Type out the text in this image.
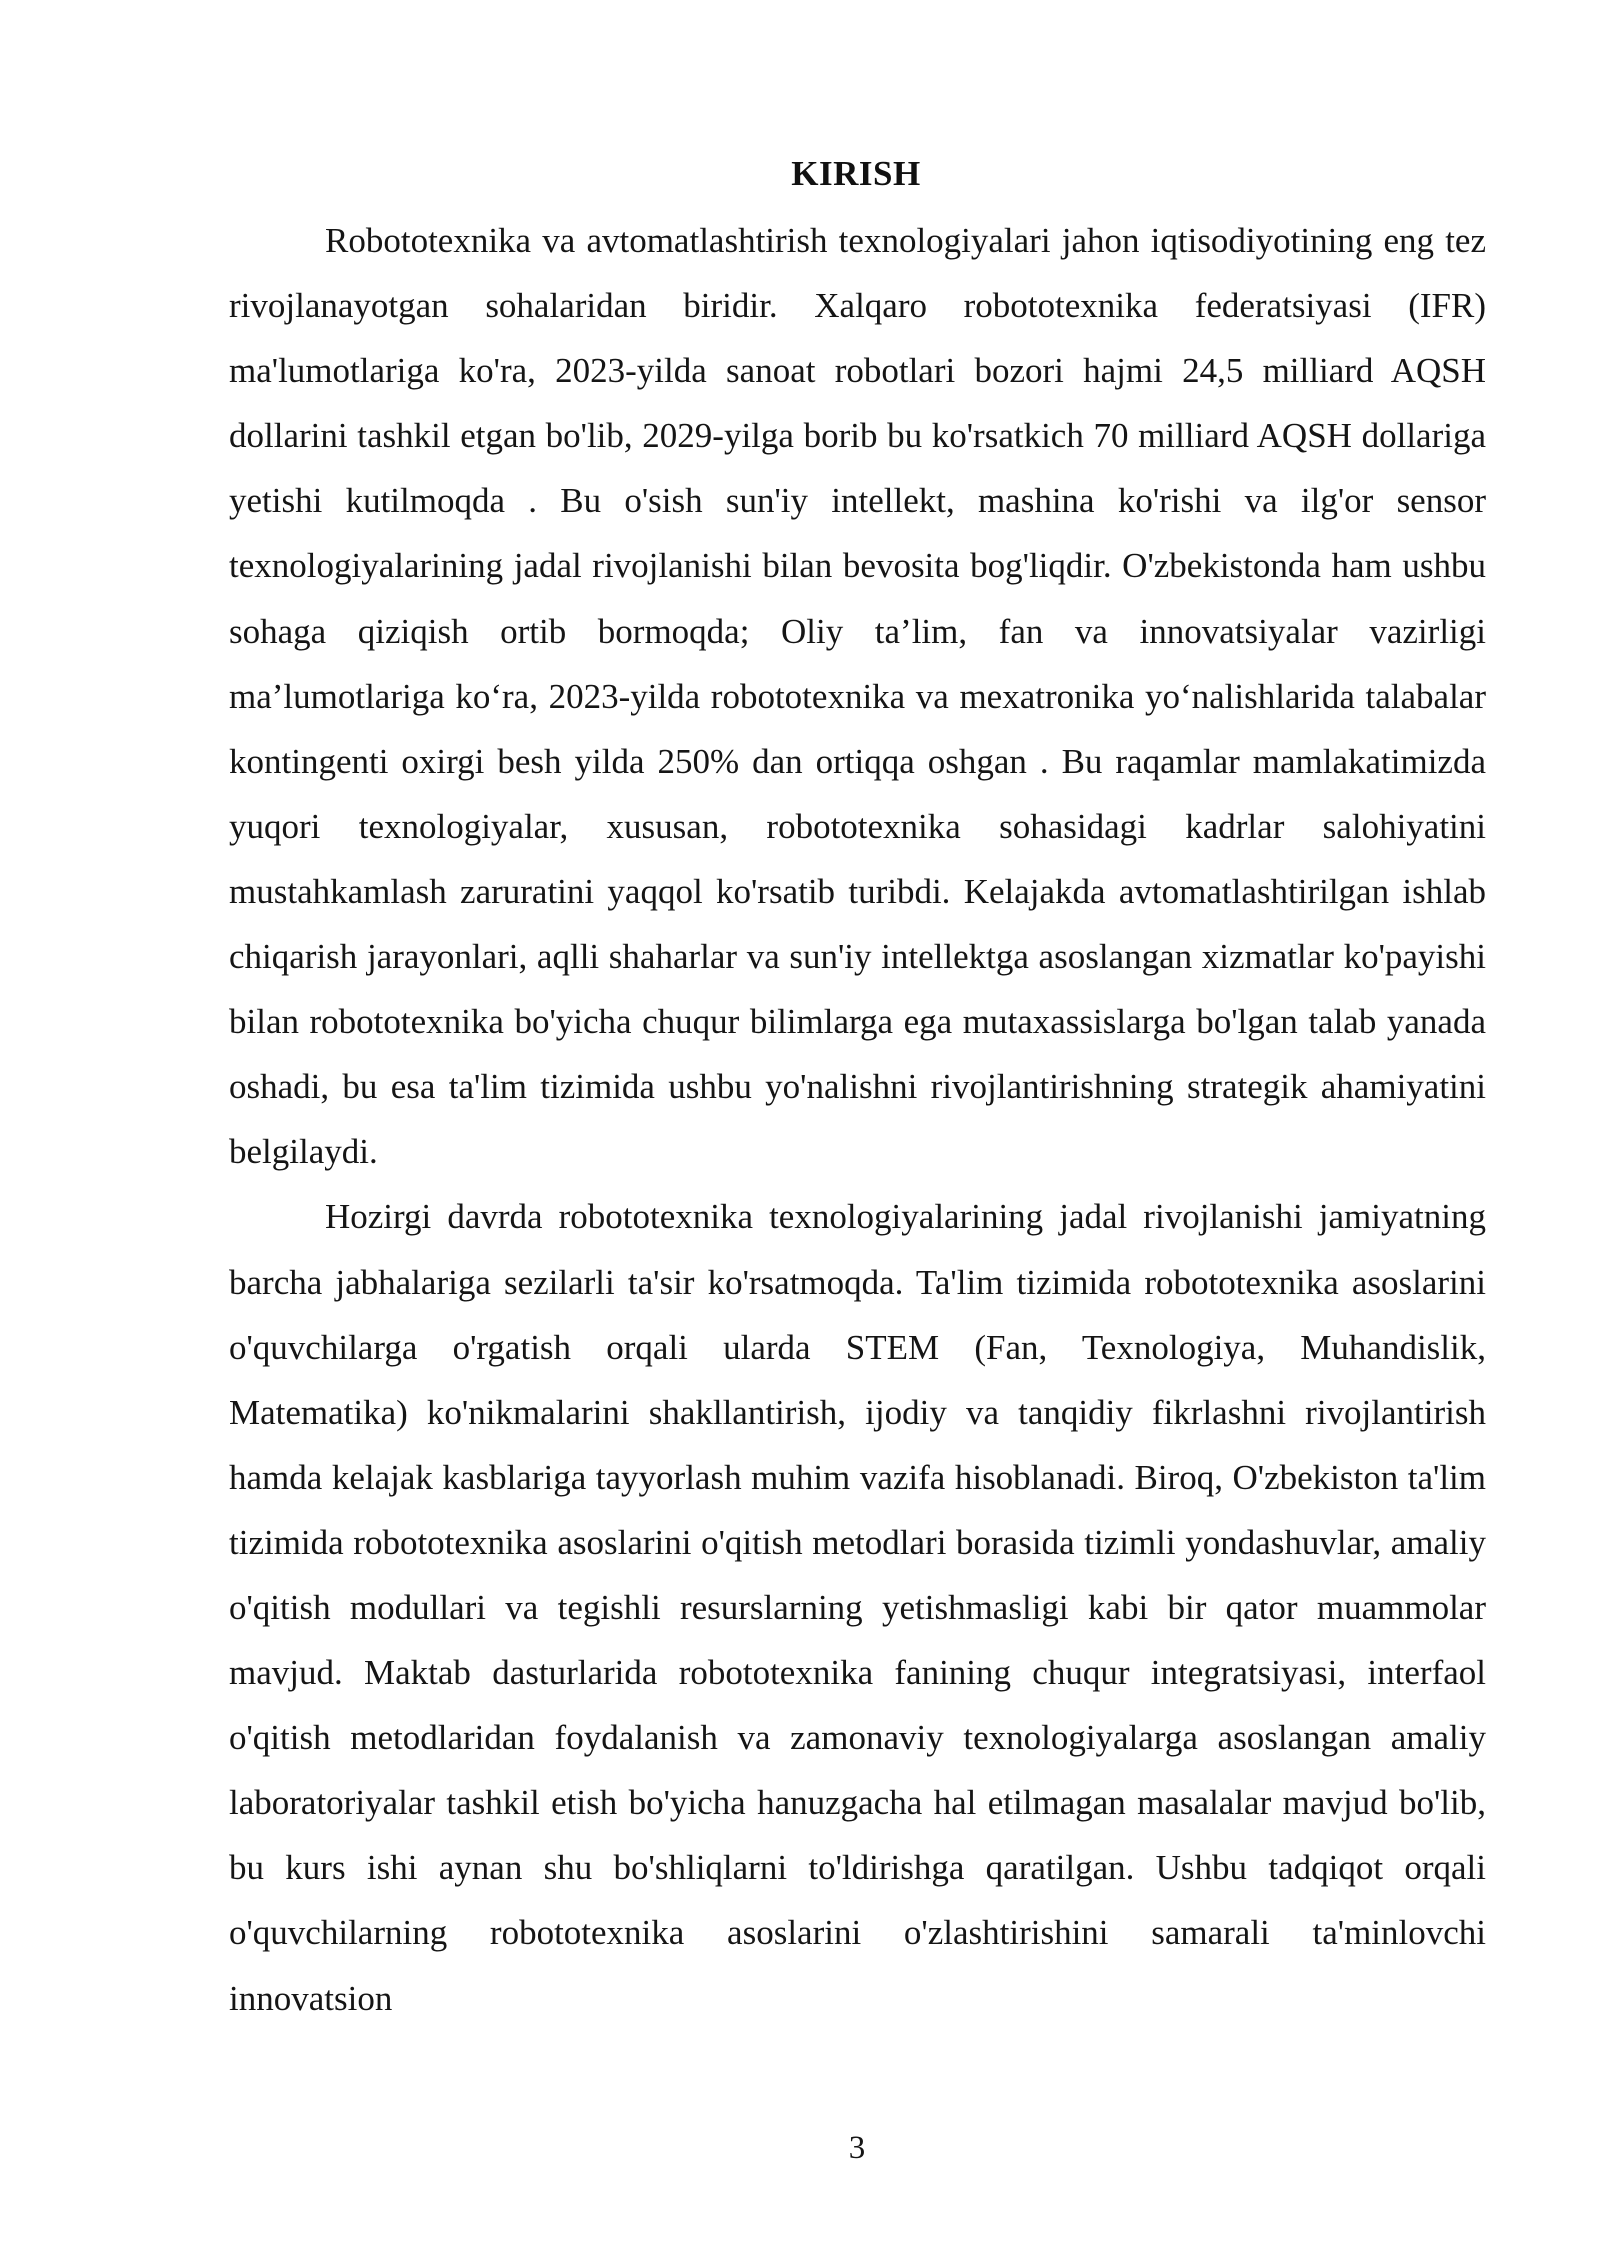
KIRISH

Robototexnika va avtomatlashtirish texnologiyalari jahon iqtisodiyotining eng tez rivojlanayotgan sohalaridan biridir. Xalqaro robototexnika federatsiyasi (IFR) ma'lumotlariga ko'ra, 2023-yilda sanoat robotlari bozori hajmi 24,5 milliard AQSH dollarini tashkil etgan bo'lib, 2029-yilga borib bu ko'rsatkich 70 milliard AQSH dollariga yetishi kutilmoqda . Bu o'sish sun'iy intellekt, mashina ko'rishi va ilg'or sensor texnologiyalarining jadal rivojlanishi bilan bevosita bog'liqdir. O'zbekistonda ham ushbu sohaga qiziqish ortib bormoqda; Oliy ta’lim, fan va innovatsiyalar vazirligi ma’lumotlariga ko‘ra, 2023-yilda robototexnika va mexatronika yo‘nalishlarida talabalar kontingenti oxirgi besh yilda 250% dan ortiqqa oshgan . Bu raqamlar mamlakatimizda yuqori texnologiyalar, xususan, robototexnika sohasidagi kadrlar salohiyatini mustahkamlash zaruratini yaqqol ko'rsatib turibdi. Kelajakda avtomatlashtirilgan ishlab chiqarish jarayonlari, aqlli shaharlar va sun'iy intellektga asoslangan xizmatlar ko'payishi bilan robototexnika bo'yicha chuqur bilimlarga ega mutaxassislarga bo'lgan talab yanada oshadi, bu esa ta'lim tizimida ushbu yo'nalishni rivojlantirishning strategik ahamiyatini belgilaydi.

Hozirgi davrda robototexnika texnologiyalarining jadal rivojlanishi jamiyatning barcha jabhalariga sezilarli ta'sir ko'rsatmoqda. Ta'lim tizimida robototexnika asoslarini o'quvchilarga o'rgatish orqali ularda STEM (Fan, Texnologiya, Muhandislik, Matematika) ko'nikmalarini shakllantirish, ijodiy va tanqidiy fikrlashni rivojlantirish hamda kelajak kasblariga tayyorlash muhim vazifa hisoblanadi. Biroq, O'zbekiston ta'lim tizimida robototexnika asoslarini o'qitish metodlari borasida tizimli yondashuvlar, amaliy o'qitish modullari va tegishli resurslarning yetishmasligi kabi bir qator muammolar mavjud. Maktab dasturlarida robototexnika fanining chuqur integratsiyasi, interfaol o'qitish metodlaridan foydalanish va zamonaviy texnologiyalarga asoslangan amaliy laboratoriyalar tashkil etish bo'yicha hanuzgacha hal etilmagan masalalar mavjud bo'lib, bu kurs ishi aynan shu bo'shliqlarni to'ldirishga qaratilgan. Ushbu tadqiqot orqali o'quvchilarning robototexnika asoslarini o'zlashtirishini samarali ta'minlovchi innovatsion

3
